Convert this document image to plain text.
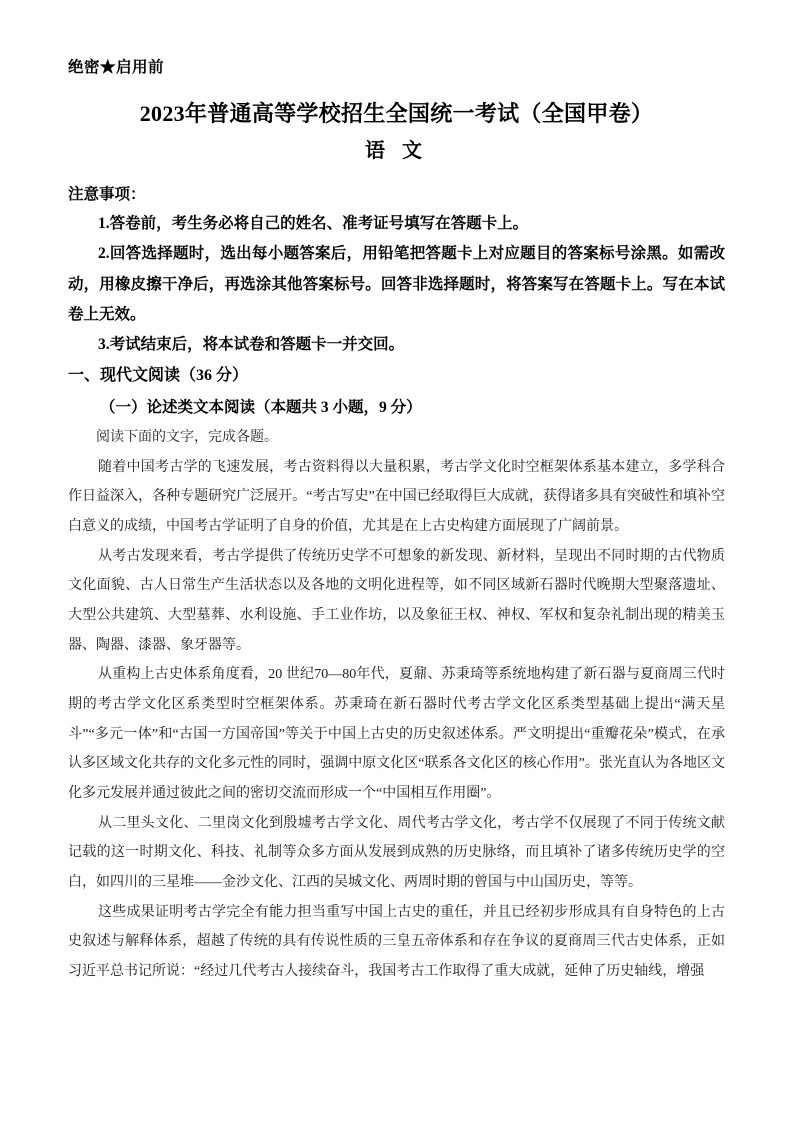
绝密★启用前

2023年普通高等学校招生全国统一考试（全国甲卷）
语 文

注意事项：

1.答卷前，考生务必将自己的姓名、准考证号填写在答题卡上。

2.回答选择题时，选出每小题答案后，用铅笔把答题卡上对应题目的答案标号涂黑。如需改动，用橡皮擦干净后，再选涂其他答案标号。回答非选择题时，将答案写在答题卡上。写在本试卷上无效。

3.考试结束后，将本试卷和答题卡一并交回。

一、现代文阅读（36 分）
（一）论述类文本阅读（本题共 3 小题，9 分）

阅读下面的文字，完成各题。

随着中国考古学的飞速发展，考古资料得以大量积累，考古学文化时空框架体系基本建立，多学科合作日益深入，各种专题研究广泛展开。“考古写史”在中国已经取得巨大成就，获得诸多具有突破性和填补空白意义的成绩，中国考古学证明了自身的价值，尤其是在上古史构建方面展现了广阔前景。

从考古发现来看，考古学提供了传统历史学不可想象的新发现、新材料，呈现出不同时期的古代物质文化面貌、古人日常生产生活状态以及各地的文明化进程等，如不同区域新石器时代晚期大型聚落遗址、大型公共建筑、大型墓葬、水利设施、手工业作坊，以及象征王权、神权、军权和复杂礼制出现的精美玉器、陶器、漆器、象牙器等。

从重构上古史体系角度看，20 世纪70—80年代，夏鼐、苏秉琦等系统地构建了新石器与夏商周三代时期的考古学文化区系类型时空框架体系。苏秉琦在新石器时代考古学文化区系类型基础上提出“满天星斗”“多元一体”和“古国一方国帝国”等关于中国上古史的历史叙述体系。严文明提出“重瓣花朵”模式，在承认多区域文化共存的文化多元性的同时，强调中原文化区“联系各文化区的核心作用”。张光直认为各地区文化多元发展并通过彼此之间的密切交流而形成一个“中国相互作用圈”。

从二里头文化、二里岗文化到殷墟考古学文化、周代考古学文化，考古学不仅展现了不同于传统文献记载的这一时期文化、科技、礼制等众多方面从发展到成熟的历史脉络，而且填补了诸多传统历史学的空白，如四川的三星堆——金沙文化、江西的吴城文化、两周时期的曾国与中山国历史，等等。

这些成果证明考古学完全有能力担当重写中国上古史的重任，并且已经初步形成具有自身特色的上古史叙述与解释体系，超越了传统的具有传说性质的三皇五帝体系和存在争议的夏商周三代古史体系，正如习近平总书记所说：“经过几代考古人接续奋斗，我国考古工作取得了重大成就，延伸了历史轴线，增强
